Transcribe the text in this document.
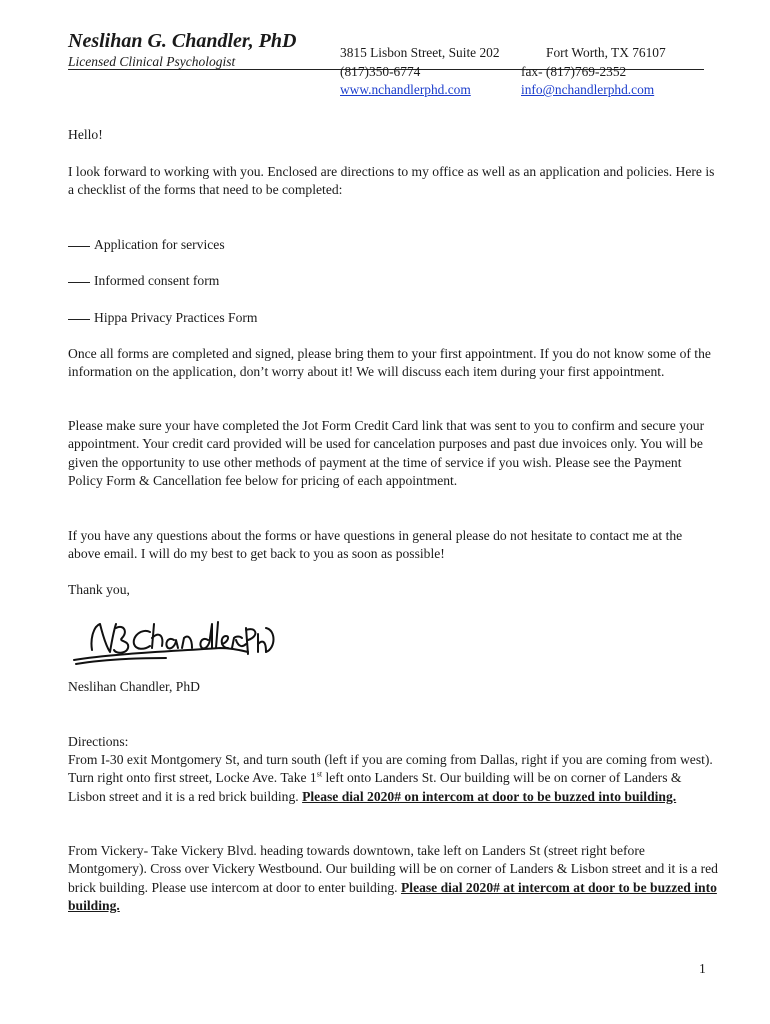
Neslihan G. Chandler, PhD
Licensed Clinical Psychologist
3815 Lisbon Street, Suite 202	Fort Worth, TX 76107
(817)350-6774	fax- (817)769-2352
www.nchandlerphd.com	info@nchandlerphd.com

Hello!

I look forward to working with you. Enclosed are directions to my office as well as an application and policies. Here is a checklist of the forms that need to be completed:

Application for services

Informed consent form

Hippa Privacy Practices Form

Once all forms are completed and signed, please bring them to your first appointment. If you do not know some of the information on the application, don’t worry about it! We will discuss each item during your first appointment.

Please make sure your have completed the Jot Form Credit Card link that was sent to you to confirm and secure your appointment. Your credit card provided will be used for cancelation purposes and past due invoices only. You will be given the opportunity to use other methods of payment at the time of service if you wish. Please see the Payment Policy Form & Cancellation fee below for pricing of each appointment.

If you have any questions about the forms or have questions in general please do not hesitate to contact me at the above email. I will do my best to get back to you as soon as possible!

Thank you,

NGChandler PhD

Neslihan Chandler, PhD

Directions:

From I-30 exit Montgomery St, and turn south (left if you are coming from Dallas, right if you are coming from west). Turn right onto first street, Locke Ave. Take 1st left onto Landers St. Our building will be on corner of Landers & Lisbon street and it is a red brick building. Please dial 2020# on intercom at door to be buzzed into building.

From Vickery- Take Vickery Blvd. heading towards downtown, take left on Landers St (street right before Montgomery). Cross over Vickery Westbound. Our building will be on corner of Landers & Lisbon street and it is a red brick building. Please use intercom at door to enter building. Please dial 2020# at intercom at door to be buzzed into building.

1
